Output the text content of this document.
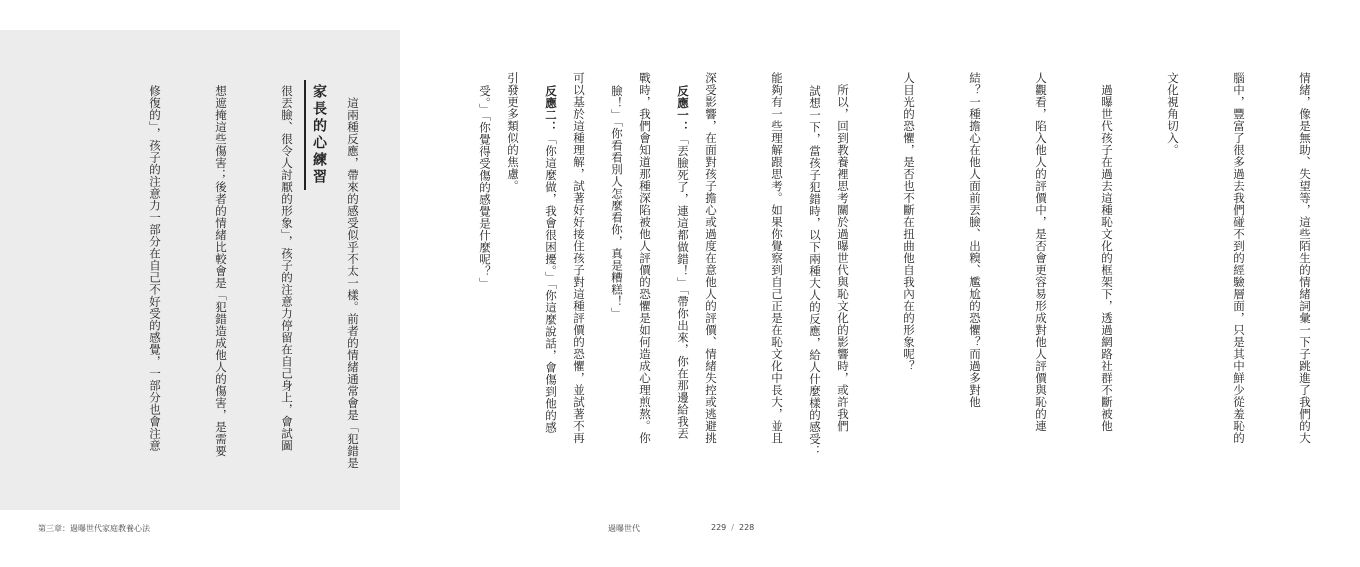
情緒，像是無助、失望等，這些陌生的情緒詞彙一下子跳進了我們的大

腦中，豐富了很多過去我們碰不到的經驗層面，只是其中鮮少從羞恥的

文化視角切入。

　過曝世代孩子在過去這種恥文化的框架下，透過網路社群不斷被他

人觀看，陷入他人的評價中，是否會更容易形成對他人評價與恥的連

結？一種擔心在他人面前丟臉、出糗、尷尬的恐懼？而過多對他

人目光的恐懼，是否也不斷在扭曲他自我內在的形象呢？

　所以，回到教養裡思考關於過曝世代與恥文化的影響時，或許我們

能夠有一些理解跟思考。如果你覺察到自己正是在恥文化中長大，並且

深受影響，在面對孩子擔心或過度在意他人的評價、情緒失控或逃避挑

戰時，我們會知道那種深陷被他人評價的恐懼是如何造成心理煎熬。你

可以基於這種理解，試著好好接住孩子對這種評價的恐懼，並試著不再

引發更多類似的焦慮。

家長的心練習

	試想一下，當孩子犯錯時，以下兩種大人的反應，給人什麼樣的感受：

反應一：「丟臉死了，連這都做錯！」「帶你出來，你在那邊給我丟

臉！」「你看看別人怎麼看你，真是糟糕！」

反應二：「你這麼做，我會很困擾。」「你這麼說話，會傷到他的感

受。」「你覺得受傷的感覺是什麼呢？」

　這兩種反應，帶來的感受似乎不太一樣。前者的情緒通常會是「犯錯是

很丟臉、很令人討厭的形象」，孩子的注意力停留在自己身上，會試圖

想遮掩這些傷害；後者的情緒比較會是「犯錯造成他人的傷害，是需要

修復的」，孩子的注意力一部分在自己不好受的感覺，一部分也會注意

第三章：過曝世代家庭教養心法	過曝世代	229 / 228
